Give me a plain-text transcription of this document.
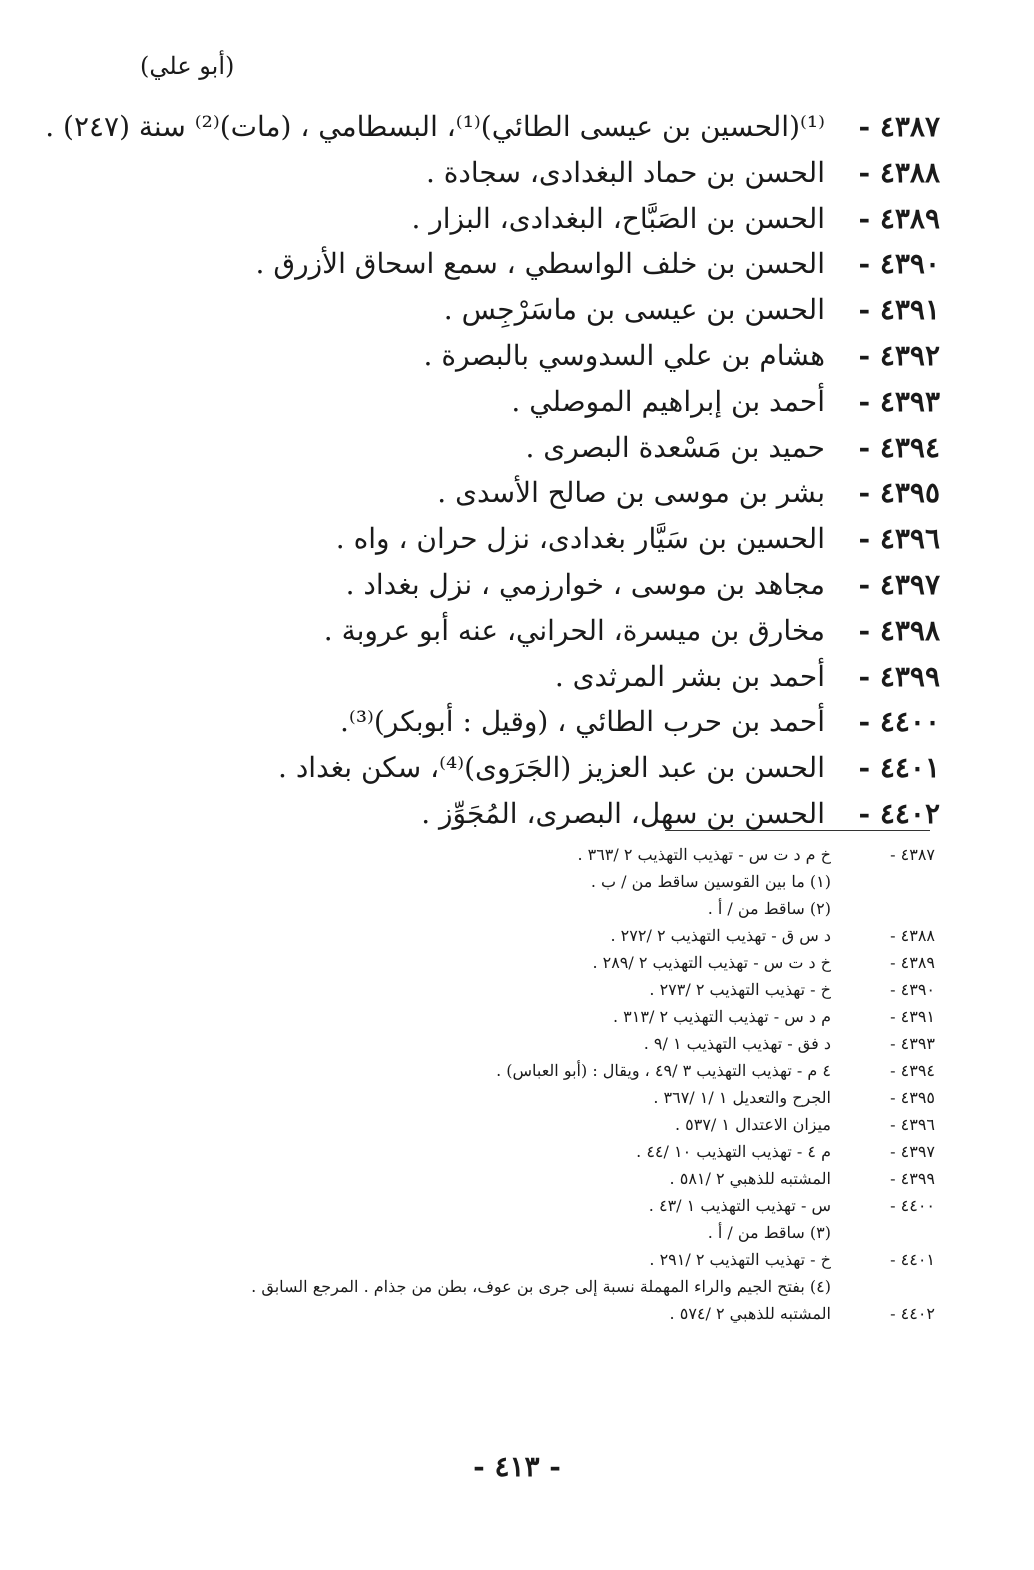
(أبو علي)
٤٣٨٧ -
⁽¹⁾(الحسين بن عيسى الطائي)⁽¹⁾، البسطامي ، (مات)⁽²⁾ سنة (٢٤٧) .
٤٣٨٨ -
الحسن بن حماد البغدادى، سجادة .
٤٣٨٩ -
الحسن بن الصَبَّاح، البغدادى، البزار .
٤٣٩٠ -
الحسن بن خلف الواسطي ، سمع اسحاق الأزرق .
٤٣٩١ -
الحسن بن عيسى بن ماسَرْجِس .
٤٣٩٢ -
هشام بن علي السدوسي بالبصرة .
٤٣٩٣ -
أحمد بن إبراهيم الموصلي .
٤٣٩٤ -
حميد بن مَسْعدة البصرى .
٤٣٩٥ -
بشر بن موسى بن صالح الأسدى .
٤٣٩٦ -
الحسين بن سَيَّار بغدادى، نزل حران ، واه .
٤٣٩٧ -
مجاهد بن موسى ، خوارزمي ، نزل بغداد .
٤٣٩٨ -
مخارق بن ميسرة، الحراني، عنه أبو عروبة .
٤٣٩٩ -
أحمد بن بشر المرثدى .
٤٤٠٠ -
أحمد بن حرب الطائي ، (وقيل : أبوبكر)⁽³⁾.
٤٤٠١ -
الحسن بن عبد العزيز (الجَرَوى)⁽⁴⁾، سكن بغداد .
٤٤٠٢ -
الحسن بن سهل، البصرى، المُجَوِّز .
٤٣٨٧ -
خ م د ت س - تهذيب التهذيب ٢ /٣٦٣ .
(١) ما بين القوسين ساقط من / ب .
(٢) ساقط من / أ .
٤٣٨٨ -
د س ق - تهذيب التهذيب ٢ /٢٧٢ .
٤٣٨٩ -
خ د ت س - تهذيب التهذيب ٢ /٢٨٩ .
٤٣٩٠ -
خ - تهذيب التهذيب ٢ /٢٧٣ .
٤٣٩١ -
م د س - تهذيب التهذيب ٢ /٣١٣ .
٤٣٩٣ -
د فق - تهذيب التهذيب ١ /٩ .
٤٣٩٤ -
٤ م - تهذيب التهذيب ٣ /٤٩ ، ويقال : (أبو العباس) .
٤٣٩٥ -
الجرح والتعديل ١ /١ /٣٦٧ .
٤٣٩٦ -
ميزان الاعتدال ١ /٥٣٧ .
٤٣٩٧ -
م ٤ - تهذيب التهذيب ١٠ /٤٤ .
٤٣٩٩ -
المشتبه للذهبي ٢ /٥٨١ .
٤٤٠٠ -
س - تهذيب التهذيب ١ /٤٣ .
(٣) ساقط من / أ .
٤٤٠١ -
خ - تهذيب التهذيب ٢ /٢٩١ .
(٤) بفتح الجيم والراء المهملة نسبة إلى جرى بن عوف، بطن من جذام . المرجع السابق .
٤٤٠٢ -
المشتبه للذهبي ٢ /٥٧٤ .
- ٤١٣ -
